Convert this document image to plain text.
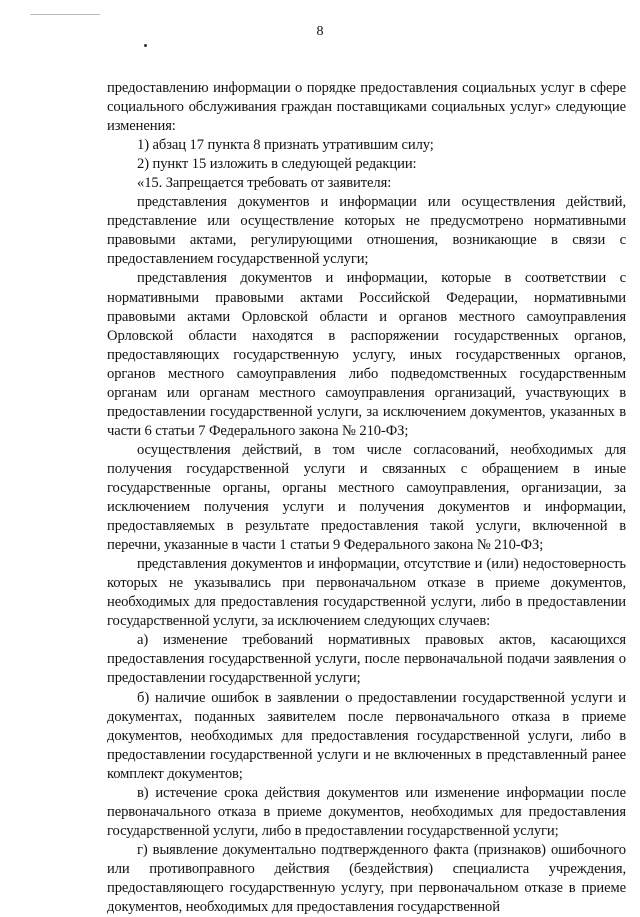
8

предоставлению информации о порядке предоставления социальных услуг в сфере социального обслуживания граждан поставщиками социальных услуг» следующие изменения:

1) абзац 17 пункта 8 признать утратившим силу;

2) пункт 15 изложить в следующей редакции:

«15. Запрещается требовать от заявителя:

представления документов и информации или осуществления действий, представление или осуществление которых не предусмотрено нормативными правовыми актами, регулирующими отношения, возникающие в связи с предоставлением государственной услуги;

представления документов и информации, которые в соответствии с нормативными правовыми актами Российской Федерации, нормативными правовыми актами Орловской области и органов местного самоуправления Орловской области находятся в распоряжении государственных органов, предоставляющих государственную услугу, иных государственных органов, органов местного самоуправления либо подведомственных государственным органам или органам местного самоуправления организаций, участвующих в предоставлении государственной услуги, за исключением документов, указанных в части 6 статьи 7 Федерального закона № 210-ФЗ;

осуществления действий, в том числе согласований, необходимых для получения государственной услуги и связанных с обращением в иные государственные органы, органы местного самоуправления, организации, за исключением получения услуги и получения документов и информации, предоставляемых в результате предоставления такой услуги, включенной в перечни, указанные в части 1 статьи 9 Федерального закона № 210-ФЗ;

представления документов и информации, отсутствие и (или) недостоверность которых не указывались при первоначальном отказе в приеме документов, необходимых для предоставления государственной услуги, либо в предоставлении государственной услуги, за исключением следующих случаев:

а) изменение требований нормативных правовых актов, касающихся предоставления государственной услуги, после первоначальной подачи заявления о предоставлении государственной услуги;

б) наличие ошибок в заявлении о предоставлении государственной услуги и документах, поданных заявителем после первоначального отказа в приеме документов, необходимых для предоставления государственной услуги, либо в предоставлении государственной услуги и не включенных в представленный ранее комплект документов;

в) истечение срока действия документов или изменение информации после первоначального отказа в приеме документов, необходимых для предоставления государственной услуги, либо в предоставлении государственной услуги;

г) выявление документально подтвержденного факта (признаков) ошибочного или противоправного действия (бездействия) специалиста учреждения, предоставляющего государственную услугу, при первоначальном отказе в приеме документов, необходимых для предоставления государственной
